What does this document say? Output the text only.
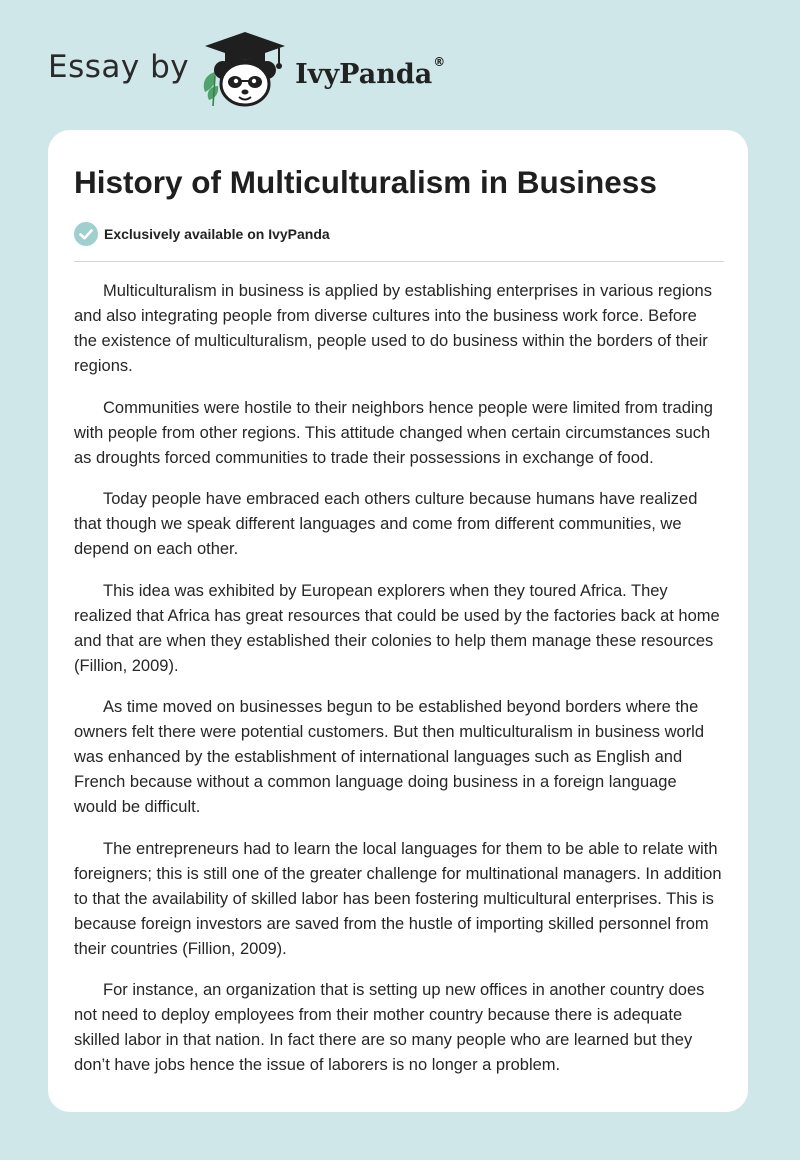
Essay by	IvyPanda ®
History of Multiculturalism in Business
Exclusively available on IvyPanda

Multiculturalism in business is applied by establishing enterprises in various regions and also integrating people from diverse cultures into the business work force. Before the existence of multiculturalism, people used to do business within the borders of their regions.

Communities were hostile to their neighbors hence people were limited from trading with people from other regions. This attitude changed when certain circumstances such as droughts forced communities to trade their possessions in exchange of food.

Today people have embraced each others culture because humans have realized that though we speak different languages and come from different communities, we depend on each other.

This idea was exhibited by European explorers when they toured Africa. They realized that Africa has great resources that could be used by the factories back at home and that are when they established their colonies to help them manage these resources (Fillion, 2009).

As time moved on businesses begun to be established beyond borders where the owners felt there were potential customers. But then multiculturalism in business world was enhanced by the establishment of international languages such as English and French because without a common language doing business in a foreign language would be difficult.

The entrepreneurs had to learn the local languages for them to be able to relate with foreigners; this is still one of the greater challenge for multinational managers. In addition to that the availability of skilled labor has been fostering multicultural enterprises. This is because foreign investors are saved from the hustle of importing skilled personnel from their countries (Fillion, 2009).

For instance, an organization that is setting up new offices in another country does not need to deploy employees from their mother country because there is adequate skilled labor in that nation. In fact there are so many people who are learned but they don’t have jobs hence the issue of laborers is no longer a problem.
